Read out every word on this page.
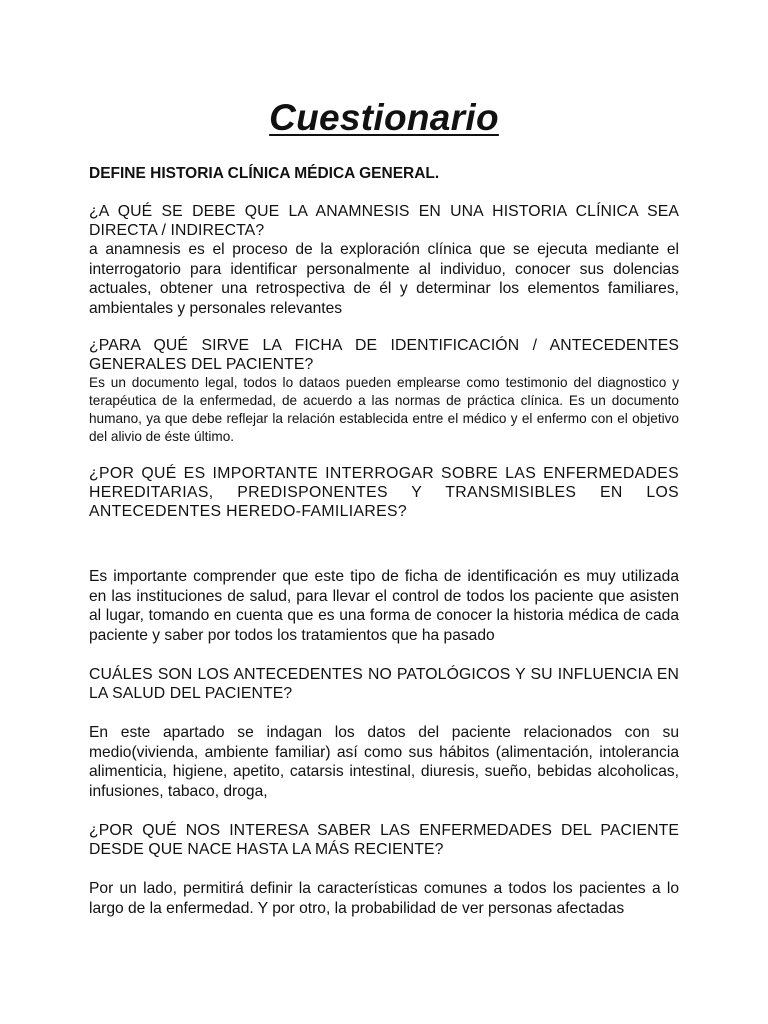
Cuestionario

DEFINE HISTORIA CLÍNICA MÉDICA GENERAL.

¿A QUÉ SE DEBE QUE LA ANAMNESIS EN UNA HISTORIA CLÍNICA SEA DIRECTA / INDIRECTA?

a anamnesis es el proceso de la exploración clínica que se ejecuta mediante el interrogatorio para identificar personalmente al individuo, conocer sus dolencias actuales, obtener una retrospectiva de él y determinar los elementos familiares, ambientales y personales relevantes

¿PARA QUÉ SIRVE LA FICHA DE IDENTIFICACIÓN / ANTECEDENTES GENERALES DEL PACIENTE?

Es un documento legal, todos lo dataos pueden emplearse como testimonio del diagnostico y terapéutica de la enfermedad, de acuerdo a las normas de práctica clínica. Es un documento humano, ya que debe reflejar la relación establecida entre el médico y el enfermo con el objetivo del alivio de éste último.

¿POR QUÉ ES IMPORTANTE INTERROGAR SOBRE LAS ENFERMEDADES HEREDITARIAS, PREDISPONENTES Y TRANSMISIBLES EN LOS ANTECEDENTES HEREDO-FAMILIARES?

Es importante comprender que este tipo de ficha de identificación es muy utilizada en las instituciones de salud, para llevar el control de todos los paciente que asisten al lugar, tomando en cuenta que es una forma de conocer la historia médica de cada paciente y saber por todos los tratamientos que ha pasado

CUÁLES SON LOS ANTECEDENTES NO PATOLÓGICOS Y SU INFLUENCIA EN LA SALUD DEL PACIENTE?

En este apartado se indagan los datos del paciente relacionados con su medio(vivienda, ambiente familiar) así como sus hábitos (alimentación, intolerancia alimenticia, higiene, apetito, catarsis intestinal, diuresis, sueño, bebidas alcoholicas, infusiones, tabaco, droga,

¿POR QUÉ NOS INTERESA SABER LAS ENFERMEDADES DEL PACIENTE DESDE QUE NACE HASTA LA MÁS RECIENTE?

Por un lado, permitirá definir la características comunes a todos los pacientes a lo largo de la enfermedad. Y por otro, la probabilidad de ver personas afectadas
